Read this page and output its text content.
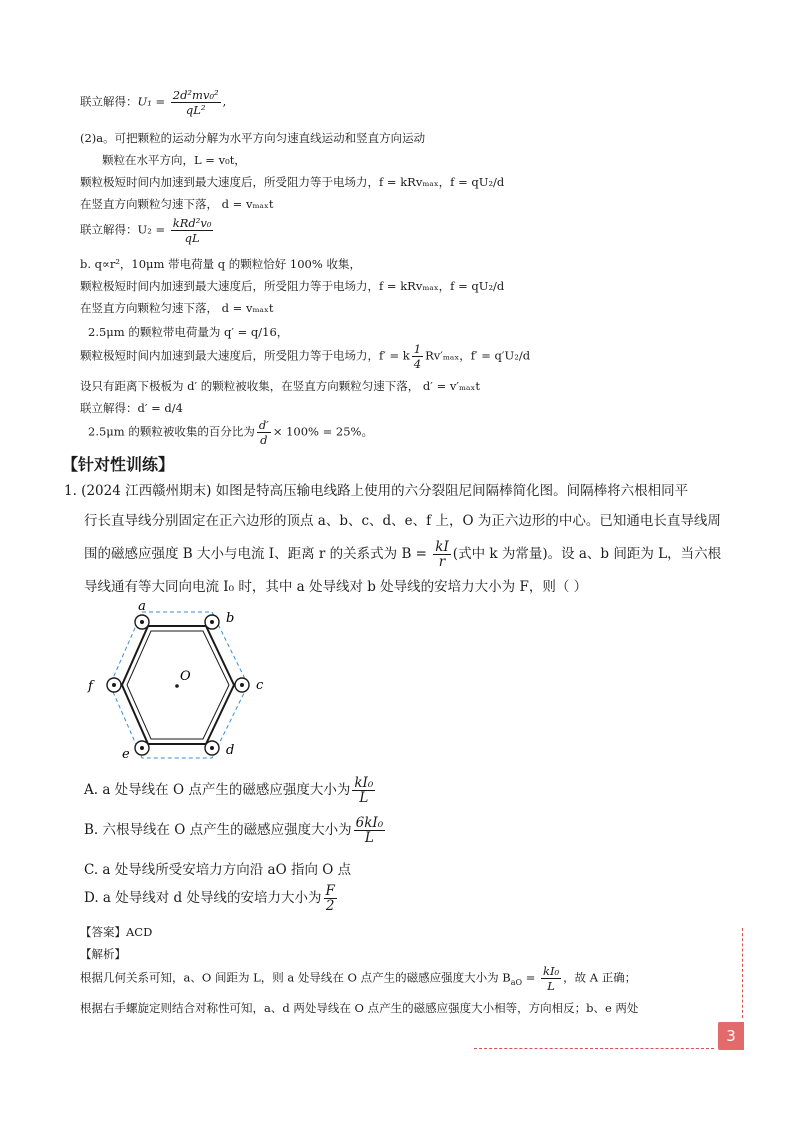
联立解得：$U_1 = \frac{\text{2d²mv₀²}}{\text{qL²}}$ ,
(2)a。可把颗粒的运动分解为水平方向匀速直线运动和竖直方向运动
颗粒在水平方向，L = v₀t，
颗粒极短时间内加速到最大速度后，所受阻力等于电场力，f = kRvₘₐₓ，f = qU₂/d
在竖直方向颗粒匀速下落， d = vₘₐₓt
联立解得：$U_2 = \frac{\text{kRd²v₀}}{qL}$
b. q∝r²，10μm 带电荷量 q 的颗粒恰好 100% 收集，
颗粒极短时间内加速到最大速度后，所受阻力等于电场力，f = kRvₘₐₓ，f = qU₂/d
在竖直方向颗粒匀速下落， d = vₘₐₓt
2.5μm 的颗粒带电荷量为 q′ = q/16，
颗粒极短时间内加速到最大速度后，所受阻力等于电场力，f′ = k $\frac{1}{4} Rv'_{max}$，f′ = q′U₂/d
设只有距离下极板为 d′ 的颗粒被收集，在竖直方向颗粒匀速下落， d′ = v′ₘₐₓt
联立解得：d′ = d/4
2.5μm 的颗粒被收集的百分比为 $\frac{d'}{d} \times 100\% = 25\%$。
【针对性训练】
1. (2024 江西赣州期末) 如图是特高压输电线路上使用的六分裂阻尼间隔棒简化图。间隔棒将六根相同平
行长直导线分别固定在正六边形的顶点 a、b、c、d、e、f 上，O 为正六边形的中心。已知通电长直导线周
围的磁感应强度 B 大小与电流 I、距离 r 的关系式为 $B = \frac{kI}{r}$ (式中 k 为常量)。设 a、b 间距为 L，当六根
导线通有等大同向电流 I₀ 时，其中 a 处导线对 b 处导线的安培力大小为 F，则（ ）
a
b
c
d
e
f
O
A. a 处导线在 O 点产生的磁感应强度大小为 $\frac{\text{kI₀}}{L}$
B. 六根导线在 O 点产生的磁感应强度大小为 $\frac{\text{6kI₀}}{L}$
C. a 处导线所受安培力方向沿 aO 指向 O 点
D. a 处导线对 d 处导线的安培力大小为 $\frac{F}{2}$
【答案】ACD
【解析】
根据几何关系可知，a、O 间距为 L，则 a 处导线在 O 点产生的磁感应强度大小为 $B_{aO} = \frac{\text{kI₀}}{L}$ ，故 A 正确；
根据右手螺旋定则结合对称性可知，a、d 两处导线在 O 点产生的磁感应强度大小相等，方向相反；b、e 两处
3
